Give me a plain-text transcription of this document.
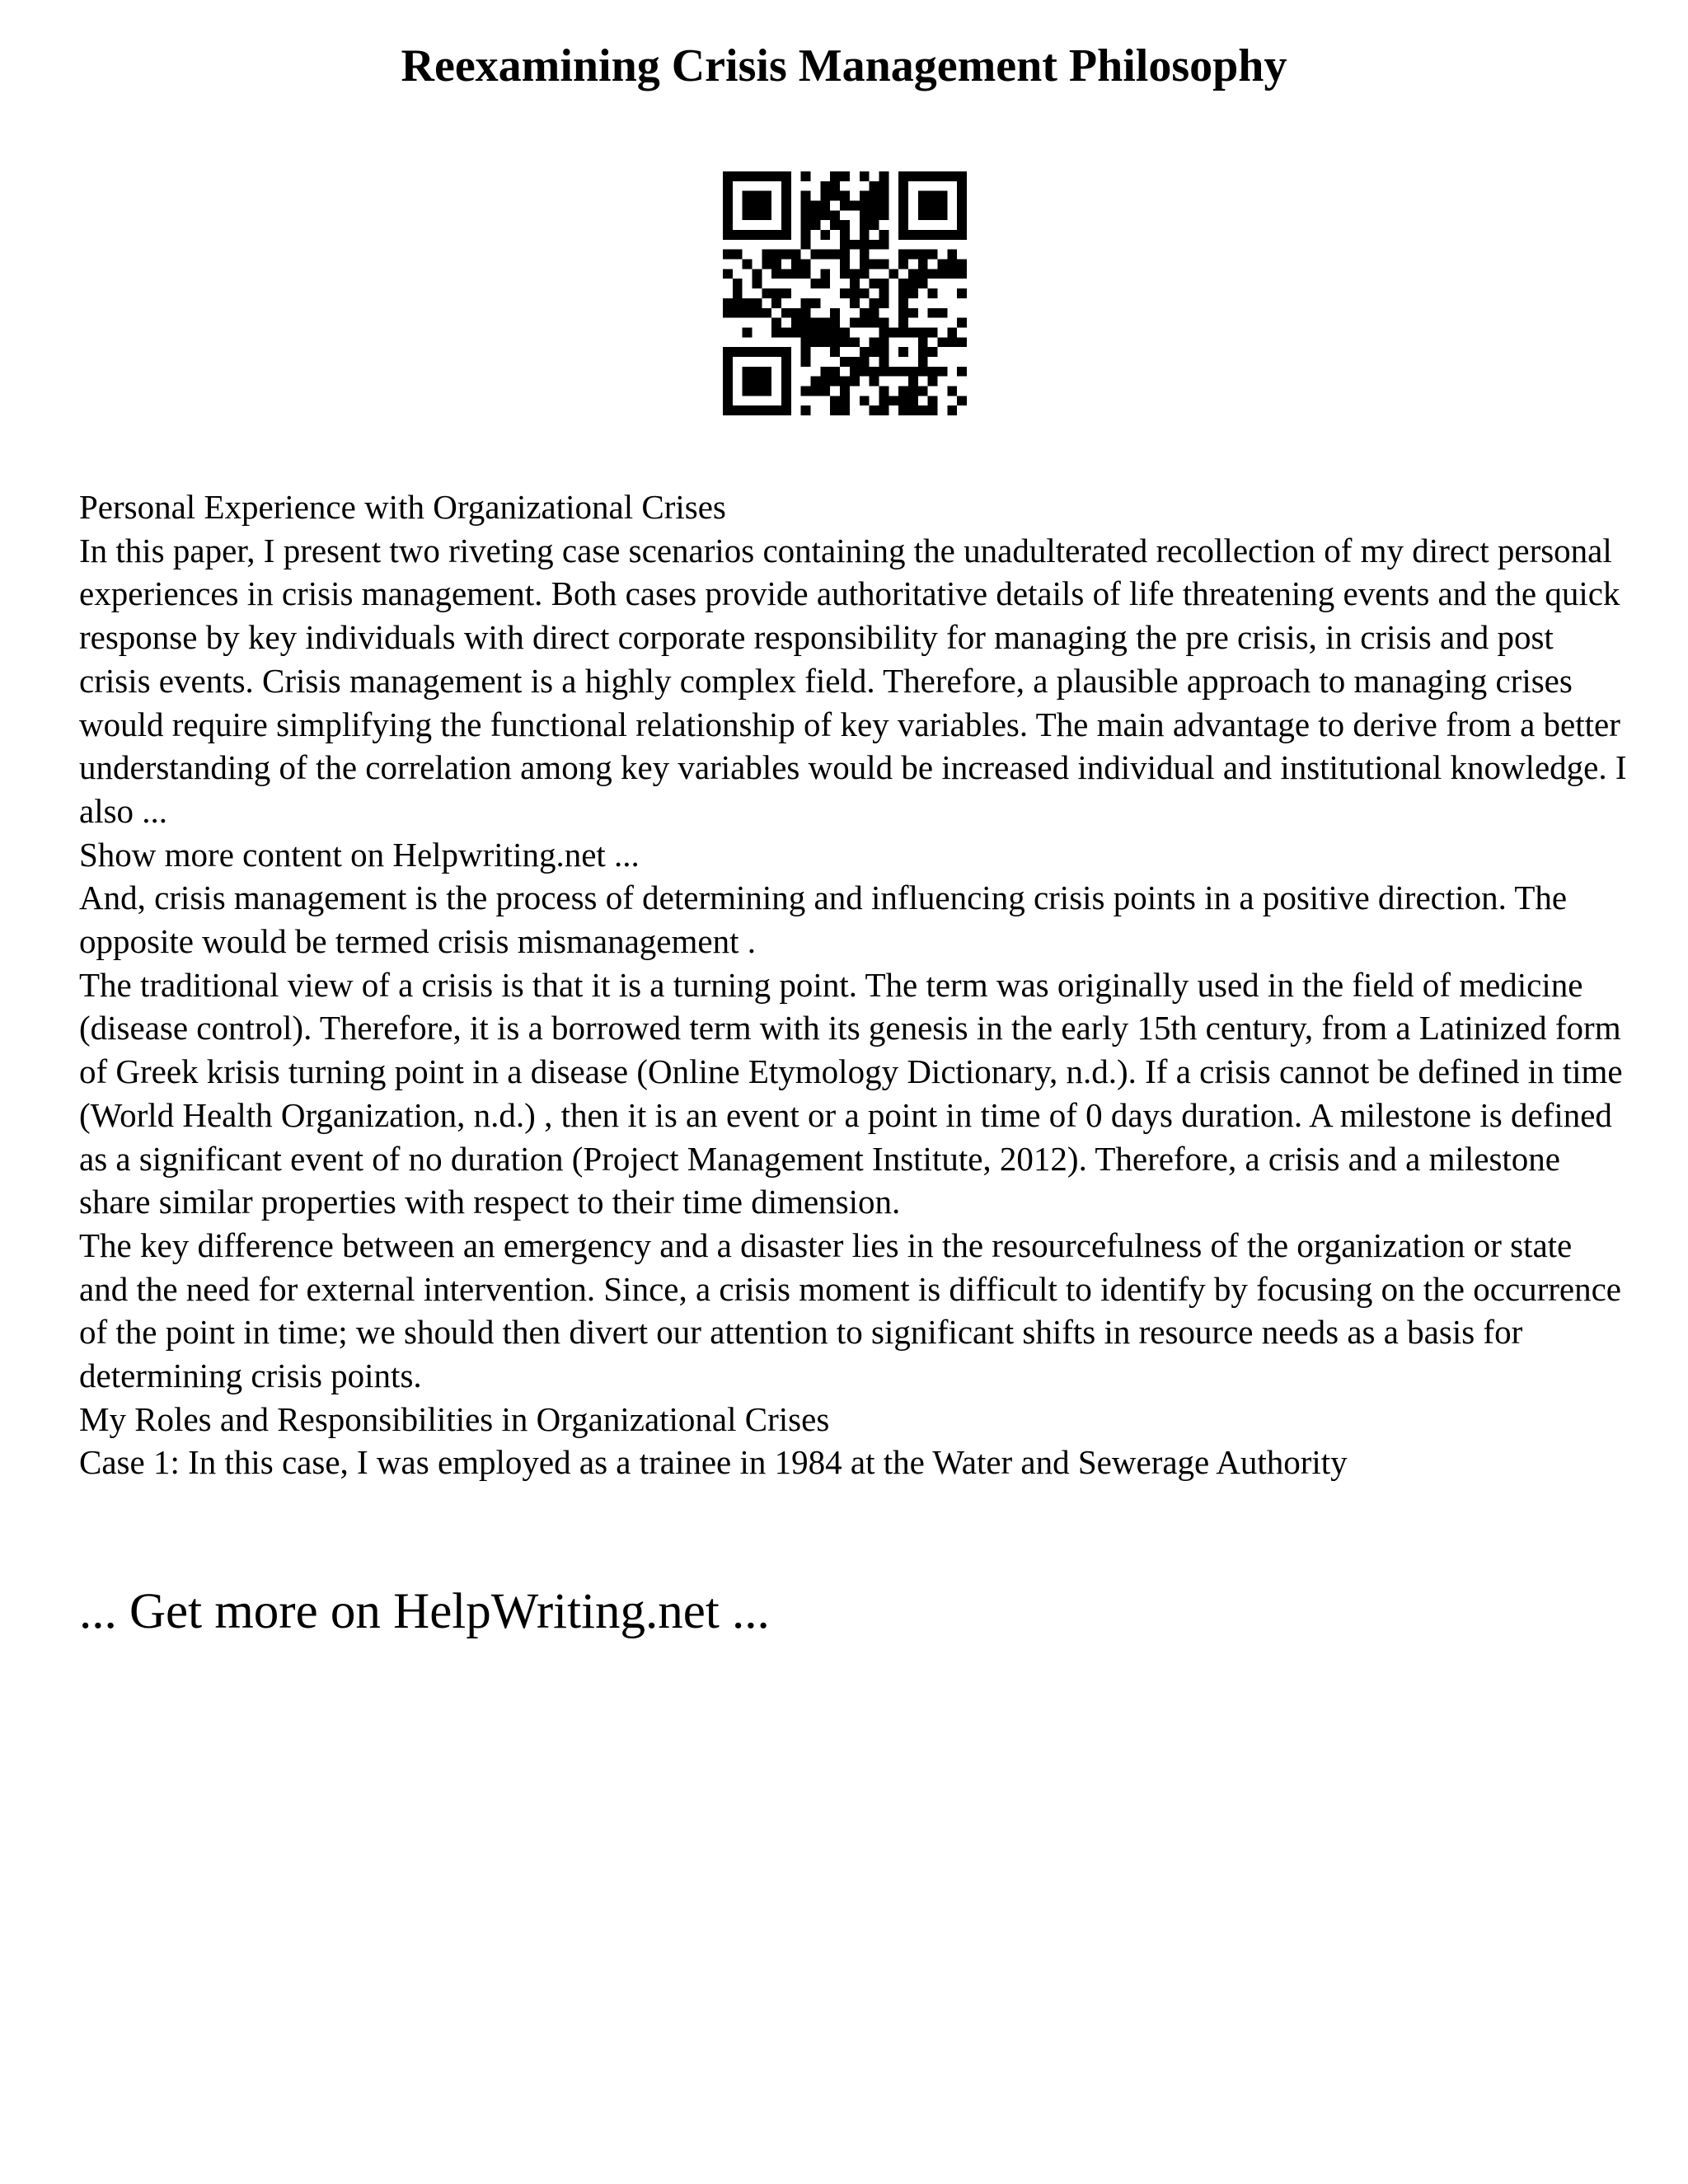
Reexamining Crisis Management Philosophy

Personal Experience with Organizational Crises

In this paper, I present two riveting case scenarios containing the unadulterated recollection of my direct personal experiences in crisis management. Both cases provide authoritative details of life threatening events and the quick response by key individuals with direct corporate responsibility for managing the pre crisis, in crisis and post crisis events. Crisis management is a highly complex field. Therefore, a plausible approach to managing crises would require simplifying the functional relationship of key variables. The main advantage to derive from a better understanding of the correlation among key variables would be increased individual and institutional knowledge. I also ...

Show more content on Helpwriting.net ...

And, crisis management is the process of determining and influencing crisis points in a positive direction. The opposite would be termed crisis mismanagement .

The traditional view of a crisis is that it is a turning point. The term was originally used in the field of medicine (disease control). Therefore, it is a borrowed term with its genesis in the early 15th century, from a Latinized form of Greek krisis turning point in a disease (Online Etymology Dictionary, n.d.). If a crisis cannot be defined in time (World Health Organization, n.d.) , then it is an event or a point in time of 0 days duration. A milestone is defined as a significant event of no duration (Project Management Institute, 2012). Therefore, a crisis and a milestone share similar properties with respect to their time dimension.

The key difference between an emergency and a disaster lies in the resourcefulness of the organization or state and the need for external intervention. Since, a crisis moment is difficult to identify by focusing on the occurrence of the point in time; we should then divert our attention to significant shifts in resource needs as a basis for determining crisis points.

My Roles and Responsibilities in Organizational Crises

Case 1: In this case, I was employed as a trainee in 1984 at the Water and Sewerage Authority

... Get more on HelpWriting.net ...
